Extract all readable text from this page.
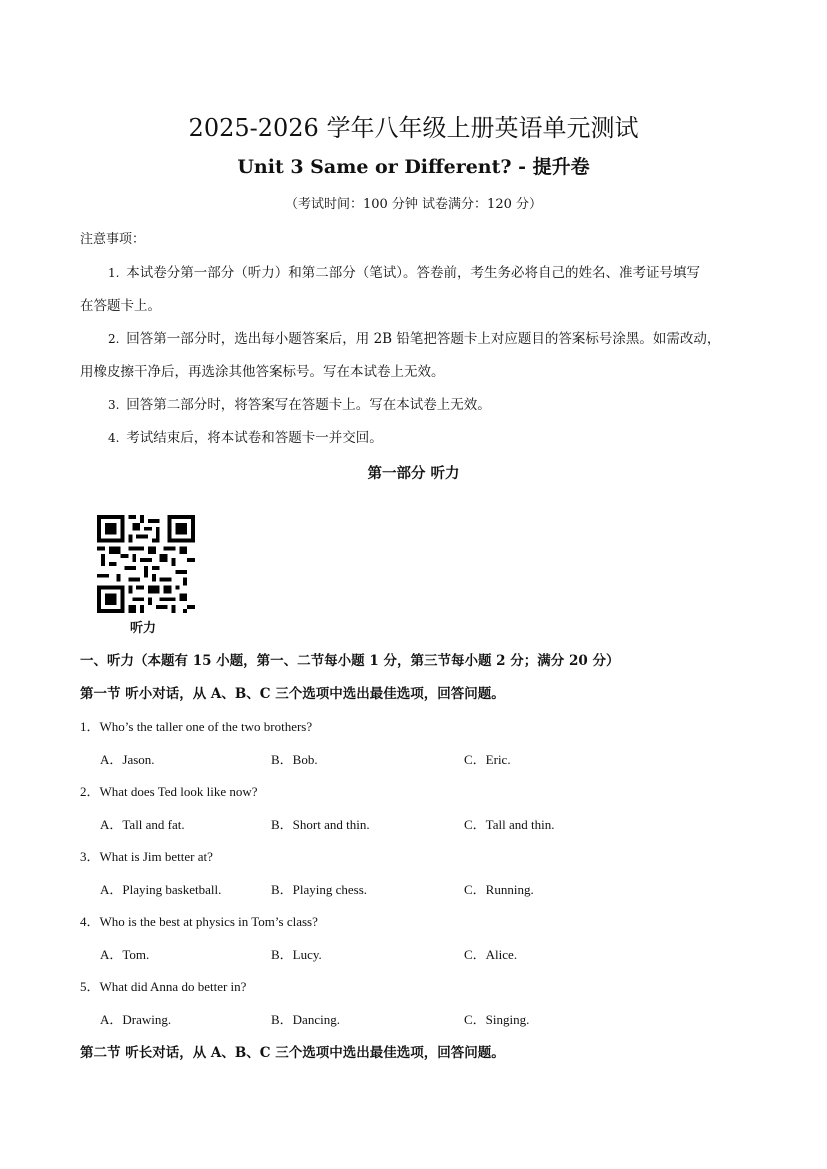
2025-2026 学年八年级上册英语单元测试
Unit 3 Same or Different? - 提升卷
（考试时间：100 分钟 试卷满分：120 分）
注意事项：
1. 本试卷分第一部分（听力）和第二部分（笔试）。答卷前，考生务必将自己的姓名、准考证号填写
在答题卡上。
2. 回答第一部分时，选出每小题答案后，用 2B 铅笔把答题卡上对应题目的答案标号涂黑。如需改动，
用橡皮擦干净后，再选涂其他答案标号。写在本试卷上无效。
3. 回答第二部分时，将答案写在答题卡上。写在本试卷上无效。
4. 考试结束后，将本试卷和答题卡一并交回。
第一部分 听力
听力
一、听力（本题有 15 小题，第一、二节每小题 1 分，第三节每小题 2 分；满分 20 分）
第一节 听小对话，从 A、B、C 三个选项中选出最佳选项，回答问题。
1．Who’s the taller one of the two brothers?
A．Jason.	B．Bob.	C．Eric.
2．What does Ted look like now?
A．Tall and fat.	B．Short and thin.	C．Tall and thin.
3．What is Jim better at?
A．Playing basketball.	B．Playing chess.	C．Running.
4．Who is the best at physics in Tom’s class?
A．Tom.	B．Lucy.	C．Alice.
5．What did Anna do better in?
A．Drawing.	B．Dancing.	C．Singing.
第二节 听长对话，从 A、B、C 三个选项中选出最佳选项，回答问题。
